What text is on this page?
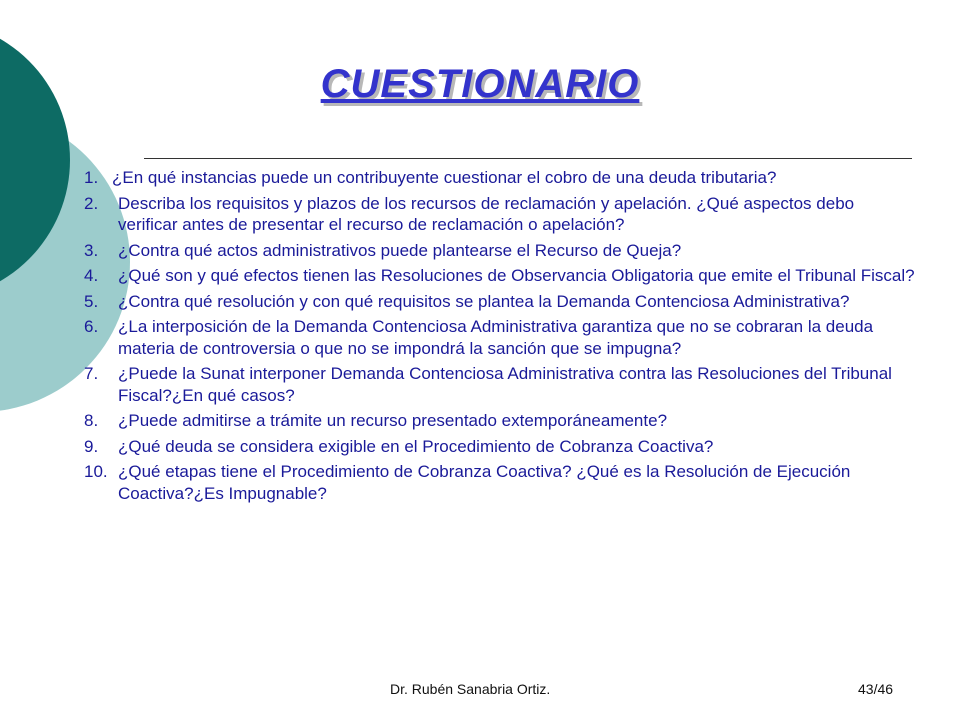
CUESTIONARIO
1. ¿En qué instancias puede un contribuyente cuestionar el cobro de una deuda tributaria?
2.	Describa los requisitos y plazos de los recursos de reclamación y apelación. ¿Qué aspectos debo verificar antes de presentar el recurso de reclamación o apelación?
3.	¿Contra qué actos administrativos puede plantearse el Recurso de Queja?
4.	¿Qué son y qué efectos tienen las Resoluciones de Observancia Obligatoria que emite el Tribunal Fiscal?
5.	¿Contra qué resolución y con qué requisitos se plantea la Demanda Contenciosa Administrativa?
6.	¿La interposición de la Demanda Contenciosa Administrativa garantiza que no se cobraran la deuda materia de controversia o que no se impondrá la sanción que se impugna?
7.	¿Puede la Sunat interponer Demanda Contenciosa Administrativa contra las Resoluciones del Tribunal Fiscal?¿En qué casos?
8.	¿Puede admitirse a trámite un recurso presentado extemporáneamente?
9.	¿Qué deuda se considera exigible en el Procedimiento de Cobranza Coactiva?
10. ¿Qué etapas tiene el Procedimiento de Cobranza Coactiva? ¿Qué es la Resolución de Ejecución Coactiva?¿Es Impugnable?
Dr. Rubén Sanabria Ortiz.	43/46
